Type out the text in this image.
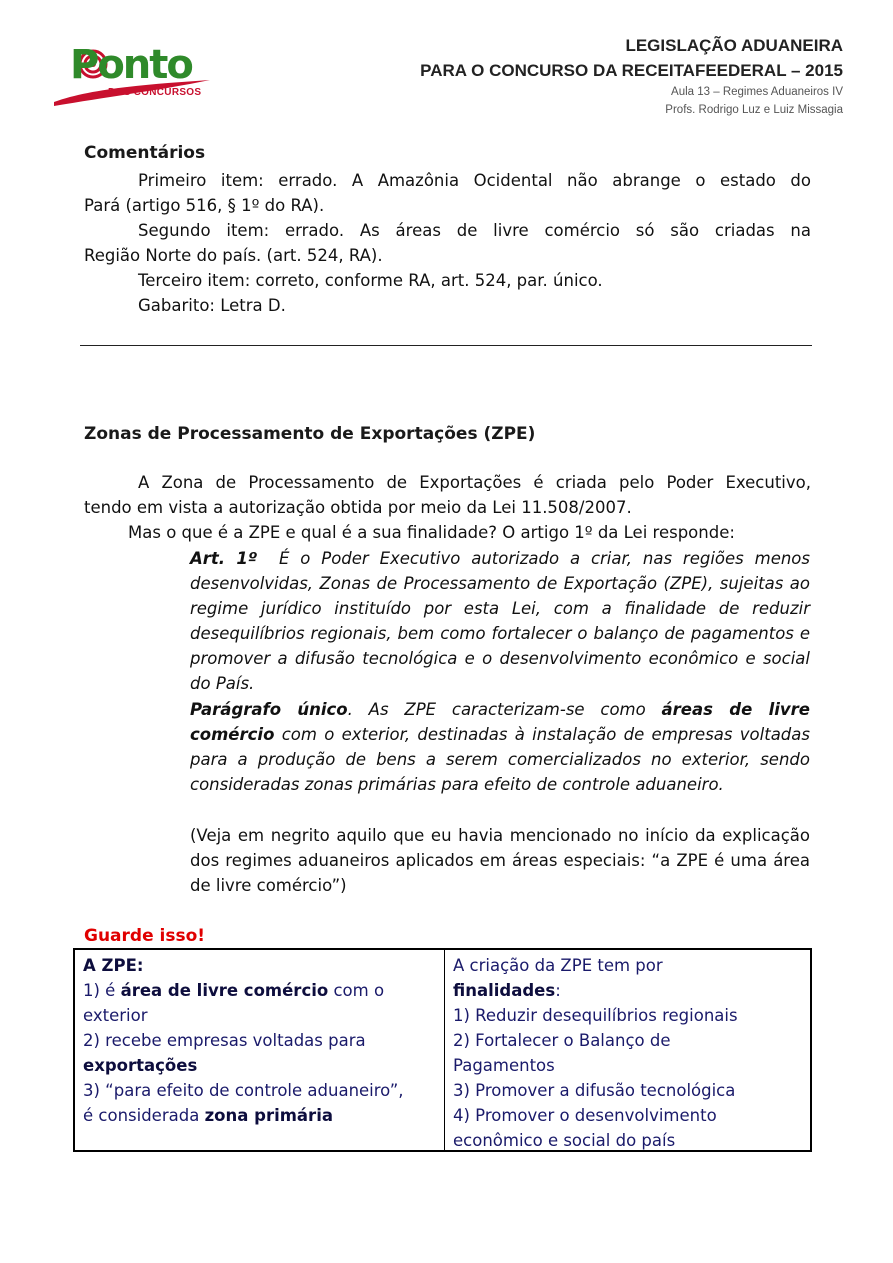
Ponto
DOS CONCURSOS
LEGISLAÇÃO ADUANEIRA
PARA O CONCURSO DA RECEITAFEEDERAL – 2015
Aula 13 – Regimes Aduaneiros IV
Profs. Rodrigo Luz e Luiz Missagia
Comentários
Primeiro item: errado. A Amazônia Ocidental não abrange o estado do
Pará (artigo 516, § 1º do RA).
Segundo item: errado. As áreas de livre comércio só são criadas na
Região Norte do país. (art. 524, RA).
Terceiro item: correto, conforme RA, art. 524, par. único.
Gabarito: Letra D.
Zonas de Processamento de Exportações (ZPE)
A Zona de Processamento de Exportações é criada pelo Poder Executivo,
tendo em vista a autorização obtida por meio da Lei 11.508/2007.
Mas o que é a ZPE e qual é a sua finalidade? O artigo 1º da Lei responde:
Art. 1º É o Poder Executivo autorizado a criar, nas regiões menos desenvolvidas, Zonas de Processamento de Exportação (ZPE), sujeitas ao regime jurídico instituído por esta Lei, com a finalidade de reduzir desequilíbrios regionais, bem como fortalecer o balanço de pagamentos e promover a difusão tecnológica e o desenvolvimento econômico e social do País.
Parágrafo único. As ZPE caracterizam-se como áreas de livre comércio com o exterior, destinadas à instalação de empresas voltadas para a produção de bens a serem comercializados no exterior, sendo consideradas zonas primárias para efeito de controle aduaneiro.
(Veja em negrito aquilo que eu havia mencionado no início da explicação dos regimes aduaneiros aplicados em áreas especiais: “a ZPE é uma área de livre comércio”)
Guarde isso!
A ZPE:
1) é área de livre comércio com o
exterior
2) recebe empresas voltadas para
exportações
3) “para efeito de controle aduaneiro”,
é considerada zona primária
A criação da ZPE tem por
finalidades:
1) Reduzir desequilíbrios regionais
2) Fortalecer o Balanço de
Pagamentos
3) Promover a difusão tecnológica
4) Promover o desenvolvimento
econômico e social do país
